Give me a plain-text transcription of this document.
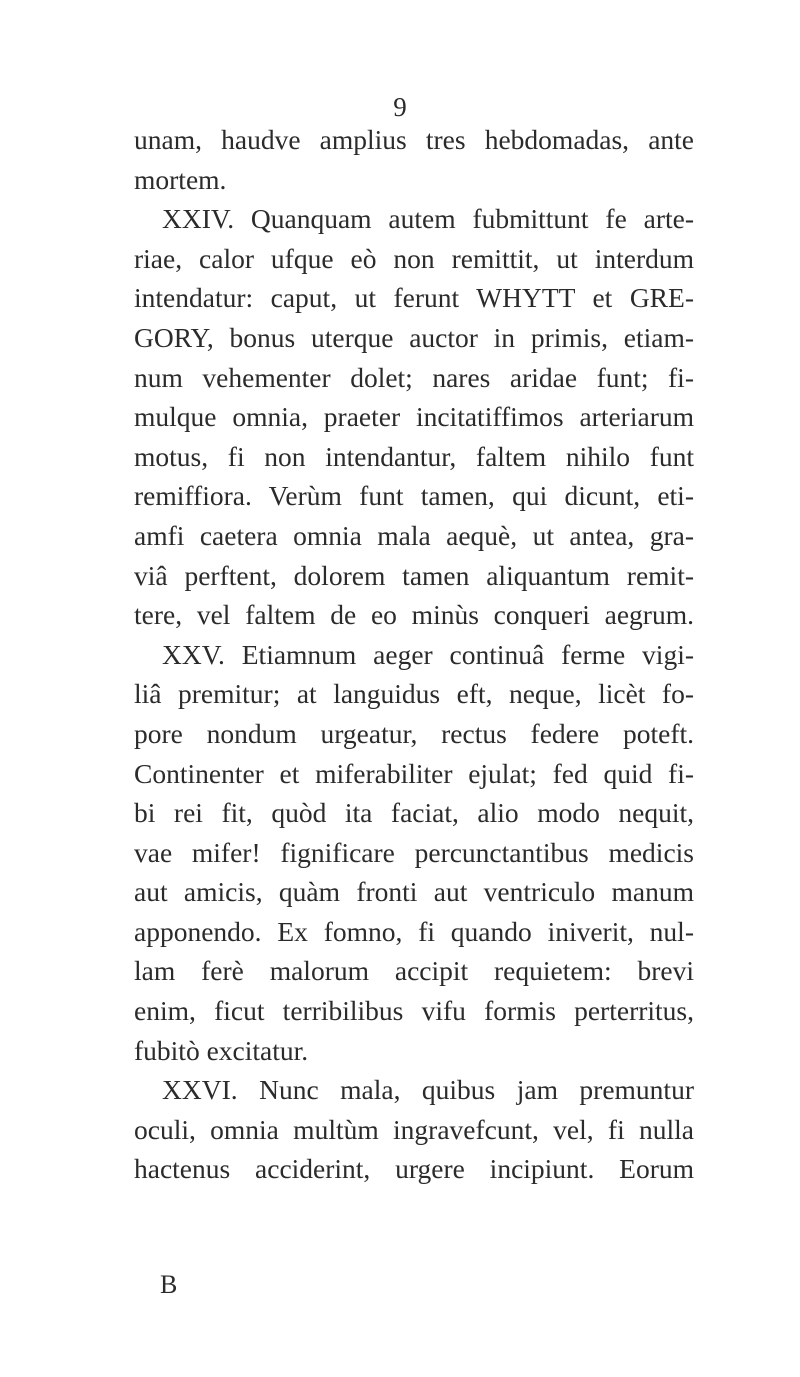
9
unam, haudve amplius tres hebdomadas, ante
mortem.
XXIV. Quanquam autem fubmittunt fe arte-
riae, calor ufque eò non remittit, ut interdum
intendatur: caput, ut ferunt WHYTT et GRE-
GORY, bonus uterque auctor in primis, etiam-
num vehementer dolet; nares aridae funt; fi-
mulque omnia, praeter incitatiffimos arteriarum
motus, fi non intendantur, faltem nihilo funt
remiffiora. Verùm funt tamen, qui dicunt, eti-
amfi caetera omnia mala aequè, ut antea, gra-
viâ perftent, dolorem tamen aliquantum remit-
tere, vel faltem de eo minùs conqueri aegrum.
XXV. Etiamnum aeger continuâ ferme vigi-
liâ premitur; at languidus eft, neque, licèt fo-
pore nondum urgeatur, rectus federe poteft.
Continenter et miferabiliter ejulat; fed quid fi-
bi rei fit, quòd ita faciat, alio modo nequit,
vae mifer! fignificare percunctantibus medicis
aut amicis, quàm fronti aut ventriculo manum
apponendo. Ex fomno, fi quando iniverit, nul-
lam ferè malorum accipit requietem: brevi
enim, ficut terribilibus vifu formis perterritus,
fubitò excitatur.
XXVI. Nunc mala, quibus jam premuntur
oculi, omnia multùm ingravefcunt, vel, fi nulla
hactenus acciderint, urgere incipiunt. Eorum
B
